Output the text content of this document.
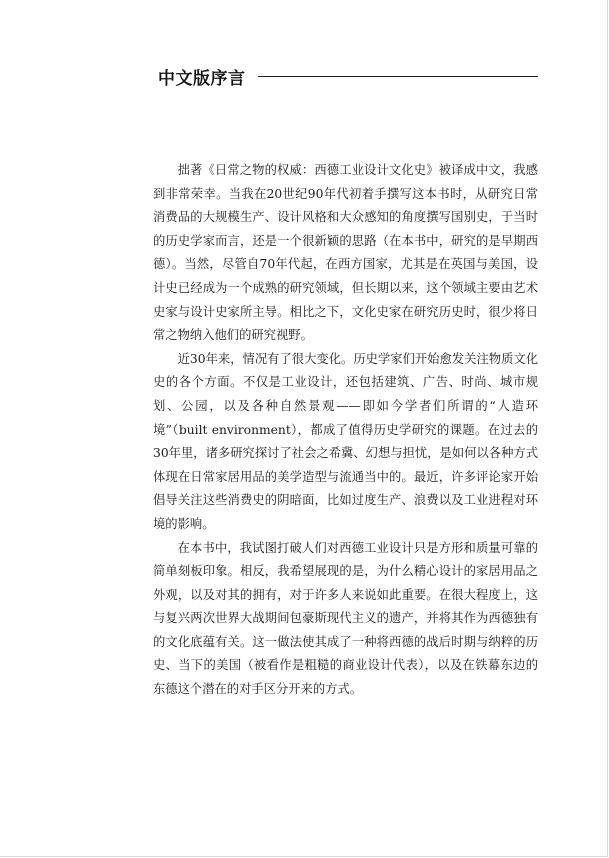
中文版序言

拙著《日常之物的权威：西德工业设计文化史》被译成中文，我感到非常荣幸。当我在20世纪90年代初着手撰写这本书时，从研究日常消费品的大规模生产、设计风格和大众感知的角度撰写国别史，于当时的历史学家而言，还是一个很新颖的思路（在本书中，研究的是早期西德）。当然，尽管自70年代起，在西方国家，尤其是在英国与美国，设计史已经成为一个成熟的研究领域，但长期以来，这个领域主要由艺术史家与设计史家所主导。相比之下，文化史家在研究历史时，很少将日常之物纳入他们的研究视野。

近30年来，情况有了很大变化。历史学家们开始愈发关注物质文化史的各个方面。不仅是工业设计，还包括建筑、广告、时尚、城市规划、公园，以及各种自然景观——即如今学者们所谓的“人造环境”（built environment），都成了值得历史学研究的课题。在过去的30年里，诸多研究探讨了社会之希冀、幻想与担忧，是如何以各种方式体现在日常家居用品的美学造型与流通当中的。最近，许多评论家开始倡导关注这些消费史的阴暗面，比如过度生产、浪费以及工业进程对环境的影响。

在本书中，我试图打破人们对西德工业设计只是方形和质量可靠的简单刻板印象。相反，我希望展现的是，为什么精心设计的家居用品之外观，以及对其的拥有，对于许多人来说如此重要。在很大程度上，这与复兴两次世界大战期间包豪斯现代主义的遗产，并将其作为西德独有的文化底蕴有关。这一做法使其成了一种将西德的战后时期与纳粹的历史、当下的美国（被看作是粗糙的商业设计代表），以及在铁幕东边的东德这个潜在的对手区分开来的方式。
